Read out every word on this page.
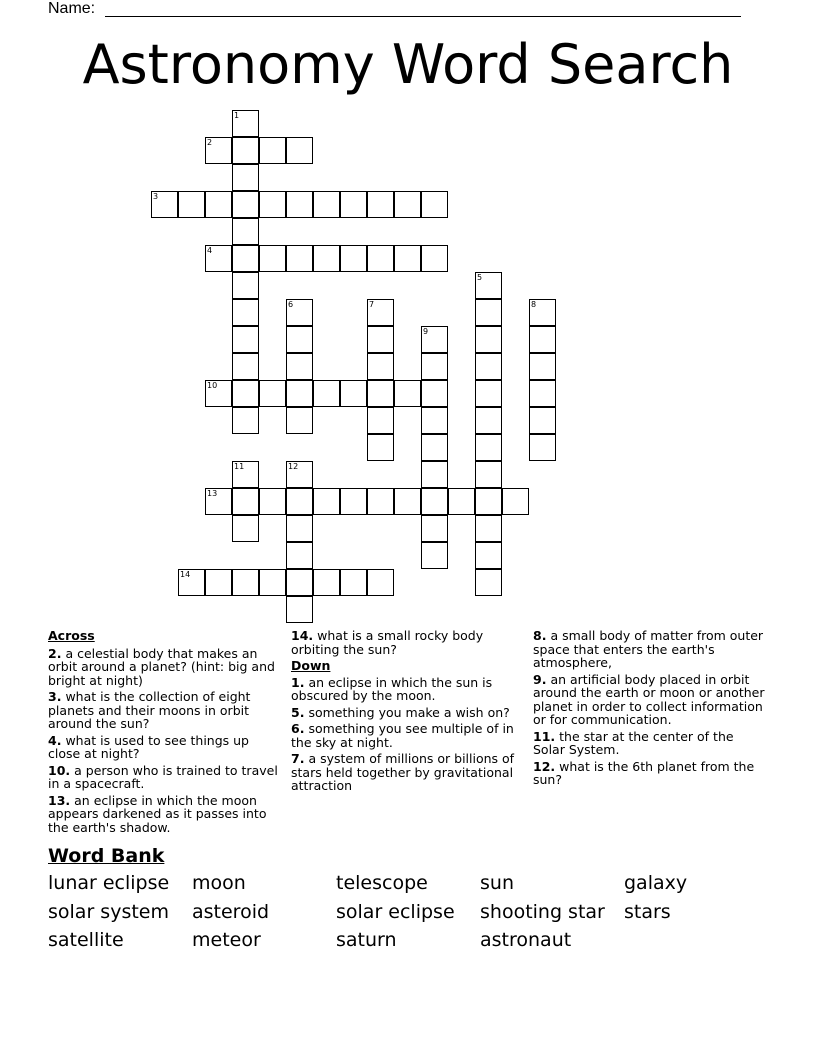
Name:
Astronomy Word Search
1
2
3
4
5
6	7	8
9
10
11	12
13
14
Across
2. a celestial body that makes an orbit around a planet? (hint: big and bright at night)
3. what is the collection of eight planets and their moons in orbit around the sun?
4. what is used to see things up close at night?
10. a person who is trained to travel in a spacecraft.
13. an eclipse in which the moon appears darkened as it passes into the earth's shadow.
14. what is a small rocky body orbiting the sun?
Down
1. an eclipse in which the sun is obscured by the moon.
5. something you make a wish on?
6. something you see multiple of in the sky at night.
7. a system of millions or billions of stars held together by gravitational attraction
8. a small body of matter from outer space that enters the earth's atmosphere,
9. an artificial body placed in orbit around the earth or moon or another planet in order to collect information or for communication.
11. the star at the center of the Solar System.
12. what is the 6th planet from the sun?
Word Bank
lunar eclipse	moon	telescope	sun	galaxy
solar system	asteroid	solar eclipse	shooting star	stars
satellite	meteor	saturn	astronaut
